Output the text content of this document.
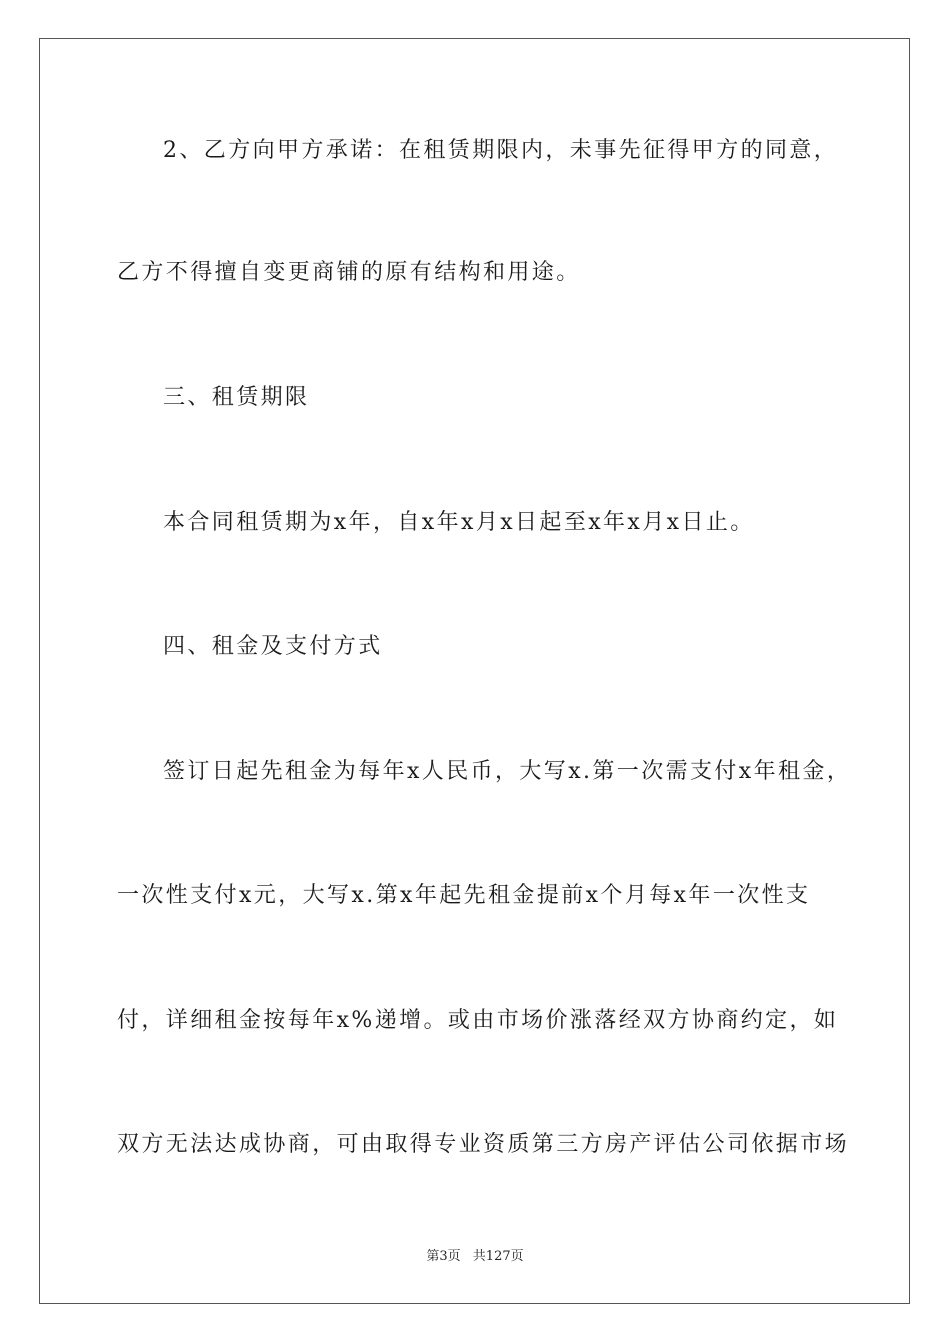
2、乙方向甲方承诺：在租赁期限内，未事先征得甲方的同意，
乙方不得擅自变更商铺的原有结构和用途。
三、租赁期限
本合同租赁期为x年，自x年x月x日起至x年x月x日止。
四、租金及支付方式
签订日起先租金为每年x人民币，大写x.第一次需支付x年租金，
一次性支付x元，大写x.第x年起先租金提前x个月每x年一次性支
付，详细租金按每年x%递增。或由市场价涨落经双方协商约定，如
双方无法达成协商，可由取得专业资质第三方房产评估公司依据市场
第3页 共127页
